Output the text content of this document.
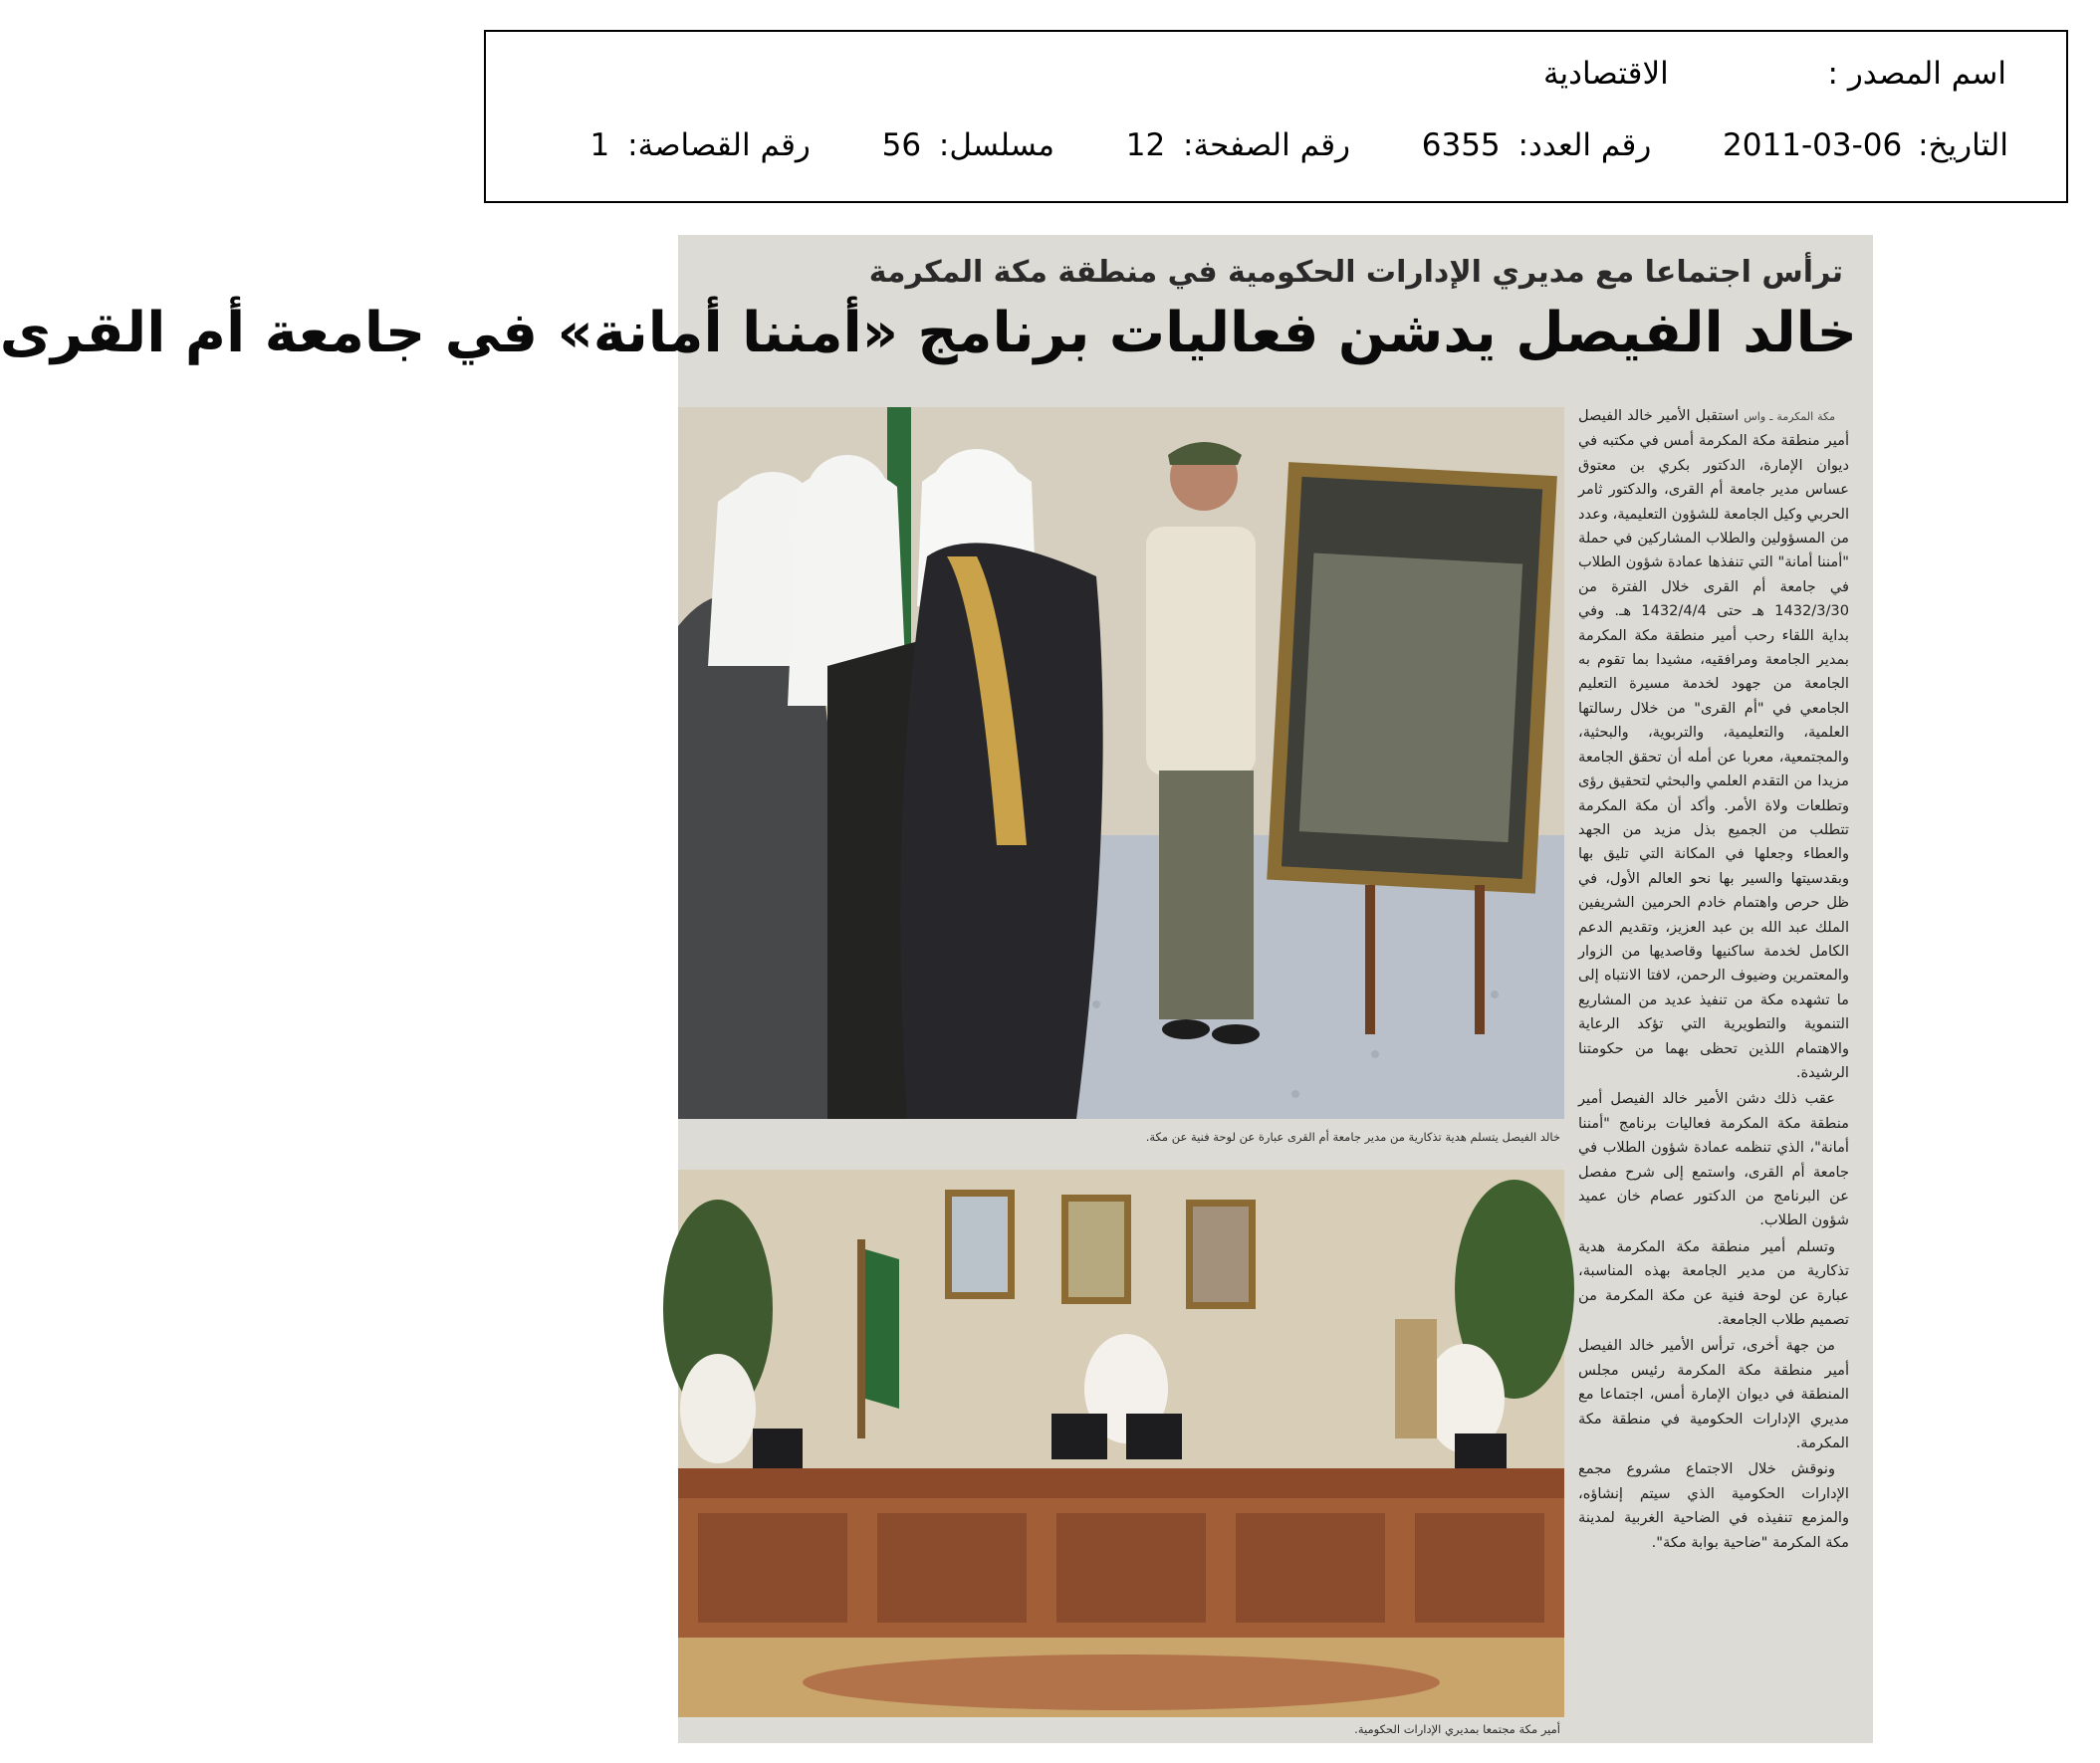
اسم المصدر :  الاقتصادية
التاريخ: 2011-03-06  رقم العدد: 6355  رقم الصفحة: 12  مسلسل: 56  رقم القصاصة: 1
ترأس اجتماعا مع مديري الإدارات الحكومية في منطقة مكة المكرمة
خالد الفيصل يدشن فعاليات برنامج «أمننا أمانة» في جامعة أم القرى

مكة المكرمة ـ واس استقبل الأمير خالد الفيصل أمير منطقة مكة المكرمة أمس في مكتبه في ديوان الإمارة، الدكتور بكري بن معتوق عساس مدير جامعة أم القرى، والدكتور ثامر الحربي وكيل الجامعة للشؤون التعليمية، وعدد من المسؤولين والطلاب المشاركين في حملة "أمننا أمانة" التي تنفذها عمادة شؤون الطلاب في جامعة أم القرى خلال الفترة من 1432/3/30 هـ حتى 1432/4/4 هـ. وفي بداية اللقاء رحب أمير منطقة مكة المكرمة بمدير الجامعة ومرافقيه، مشيدا بما تقوم به الجامعة من جهود لخدمة مسيرة التعليم الجامعي في "أم القرى" من خلال رسالتها العلمية، والتعليمية، والتربوية، والبحثية، والمجتمعية، معربا عن أمله أن تحقق الجامعة مزيدا من التقدم العلمي والبحثي لتحقيق رؤى وتطلعات ولاة الأمر. وأكد أن مكة المكرمة تتطلب من الجميع بذل مزيد من الجهد والعطاء وجعلها في المكانة التي تليق بها وبقدسيتها والسير بها نحو العالم الأول، في ظل حرص واهتمام خادم الحرمين الشريفين الملك عبد الله بن عبد العزيز، وتقديم الدعم الكامل لخدمة ساكنيها وقاصديها من الزوار والمعتمرين وضيوف الرحمن، لافتا الانتباه إلى ما تشهده مكة من تنفيذ عديد من المشاريع التنموية والتطويرية التي تؤكد الرعاية والاهتمام اللذين تحظى بهما من حكومتنا الرشيدة.

عقب ذلك دشن الأمير خالد الفيصل أمير منطقة مكة المكرمة فعاليات برنامج "أمننا أمانة"، الذي تنظمه عمادة شؤون الطلاب في جامعة أم القرى، واستمع إلى شرح مفصل عن البرنامج من الدكتور عصام خان عميد شؤون الطلاب.

وتسلم أمير منطقة مكة المكرمة هدية تذكارية من مدير الجامعة بهذه المناسبة، عبارة عن لوحة فنية عن مكة المكرمة من تصميم طلاب الجامعة.

من جهة أخرى، ترأس الأمير خالد الفيصل أمير منطقة مكة المكرمة رئيس مجلس المنطقة في ديوان الإمارة أمس، اجتماعا مع مديري الإدارات الحكومية في منطقة مكة المكرمة.

ونوقش خلال الاجتماع مشروع مجمع الإدارات الحكومية الذي سيتم إنشاؤه، والمزمع تنفيذه في الضاحية الغربية لمدينة مكة المكرمة "ضاحية بوابة مكة".

خالد الفيصل يتسلم هدية تذكارية من مدير جامعة أم القرى عبارة عن لوحة فنية عن مكة.
أمير مكة مجتمعا بمديري الإدارات الحكومية.
